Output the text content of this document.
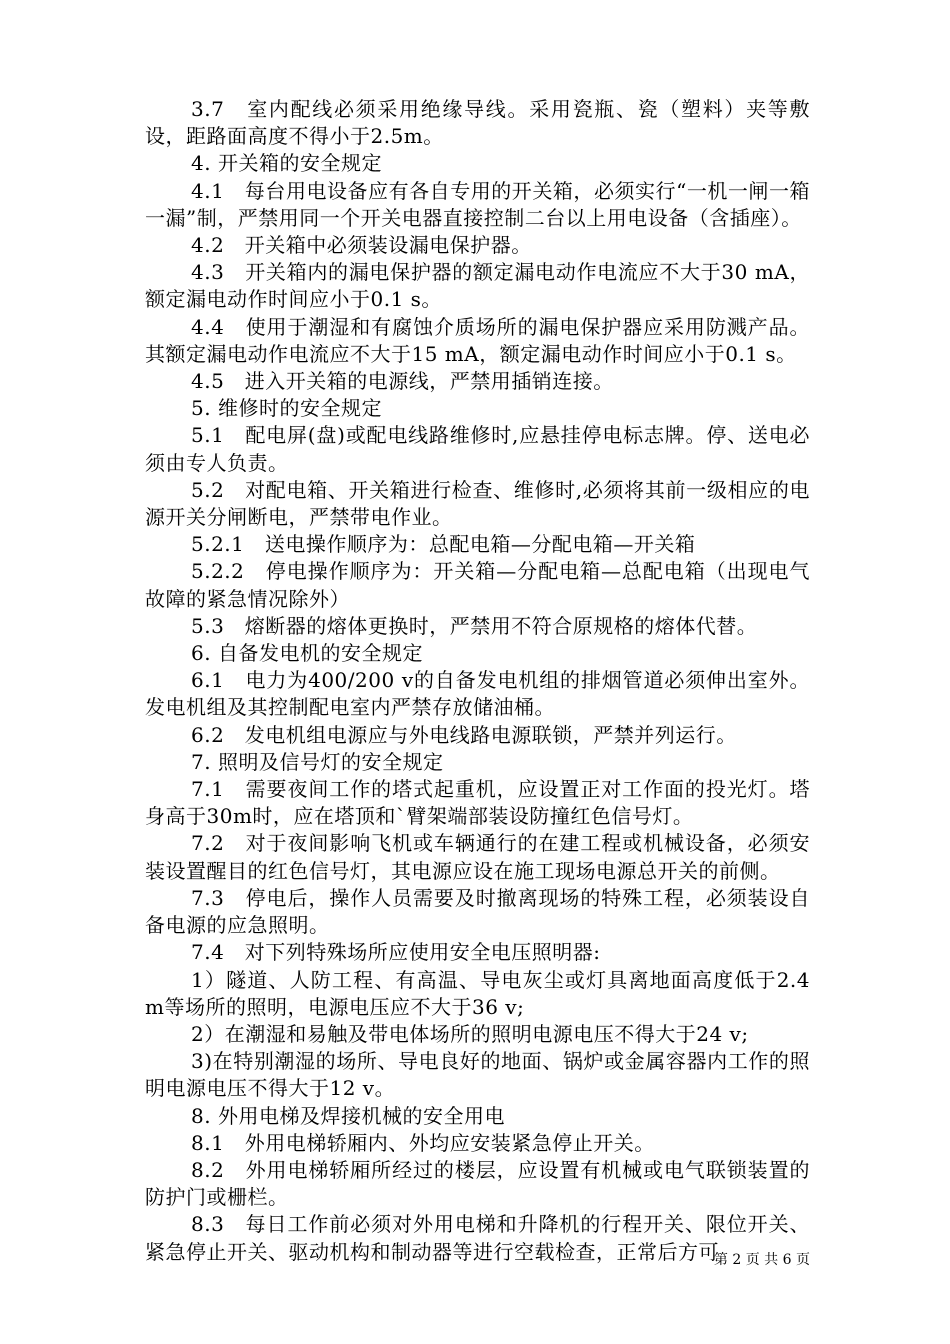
3.7　室内配线必须采用绝缘导线。采用瓷瓶、瓷（塑料）夹等敷设，距路面高度不得小于2.5m。

4. 开关箱的安全规定

4.1　每台用电设备应有各自专用的开关箱，必须实行“一机一闸一箱一漏”制，严禁用同一个开关电器直接控制二台以上用电设备（含插座）。

4.2　开关箱中必须装设漏电保护器。

4.3　开关箱内的漏电保护器的额定漏电动作电流应不大于30 mA，额定漏电动作时间应小于0.1 s。

4.4　使用于潮湿和有腐蚀介质场所的漏电保护器应采用防溅产品。其额定漏电动作电流应不大于15 mA，额定漏电动作时间应小于0.1 s。

4.5　进入开关箱的电源线，严禁用插销连接。

5. 维修时的安全规定

5.1　配电屏(盘)或配电线路维修时,应悬挂停电标志牌。停、送电必须由专人负责。

5.2　对配电箱、开关箱进行检查、维修时,必须将其前一级相应的电源开关分闸断电，严禁带电作业。

5.2.1　送电操作顺序为：总配电箱—分配电箱—开关箱

5.2.2　停电操作顺序为：开关箱—分配电箱—总配电箱（出现电气故障的紧急情况除外）

5.3　熔断器的熔体更换时，严禁用不符合原规格的熔体代替。

6. 自备发电机的安全规定

6.1　电力为400/200 v的自备发电机组的排烟管道必须伸出室外。发电机组及其控制配电室内严禁存放储油桶。

6.2　发电机组电源应与外电线路电源联锁，严禁并列运行。

7. 照明及信号灯的安全规定

7.1　需要夜间工作的塔式起重机，应设置正对工作面的投光灯。塔身高于30m时，应在塔顶和`臂架端部装设防撞红色信号灯。

7.2　对于夜间影响飞机或车辆通行的在建工程或机械设备，必须安装设置醒目的红色信号灯，其电源应设在施工现场电源总开关的前侧。

7.3　停电后，操作人员需要及时撤离现场的特殊工程，必须装设自备电源的应急照明。

7.4　对下列特殊场所应使用安全电压照明器:

1）隧道、人防工程、有高温、导电灰尘或灯具离地面高度低于2.4m等场所的照明，电源电压应不大于36 v;

2）在潮湿和易触及带电体场所的照明电源电压不得大于24 v;

3)在特别潮湿的场所、导电良好的地面、锅炉或金属容器内工作的照明电源电压不得大于12 v。

8. 外用电梯及焊接机械的安全用电

8.1　外用电梯轿厢内、外均应安装紧急停止开关。

8.2　外用电梯轿厢所经过的楼层，应设置有机械或电气联锁装置的防护门或栅栏。

8.3　每日工作前必须对外用电梯和升降机的行程开关、限位开关、紧急停止开关、驱动机构和制动器等进行空载检查，正常后方可

第 2 页 共 6 页
